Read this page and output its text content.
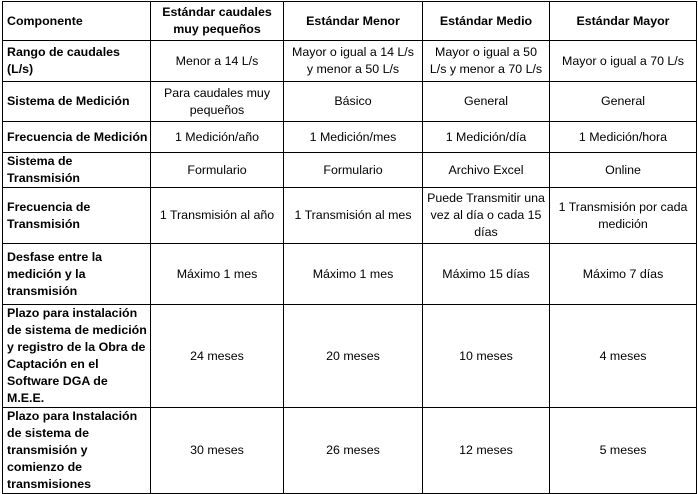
Componente	Estándar caudales muy pequeños	Estándar Menor	Estándar Medio	Estándar Mayor
Rango de caudales (L/s)	Menor a 14 L/s	Mayor o igual a 14 L/s y menor a 50 L/s	Mayor o igual a 50 L/s y menor a 70 L/s	Mayor o igual a 70 L/s
Sistema de Medición	Para caudales muy pequeños	Básico	General	General
Frecuencia de Medición	1 Medición/año	1 Medición/mes	1 Medición/día	1 Medición/hora
Sistema de Transmisión	Formulario	Formulario	Archivo Excel	Online
Frecuencia de Transmisión	1 Transmisión al año	1 Transmisión al mes	Puede Transmitir una vez al día o cada 15 días	1 Transmisión por cada medición
Desfase entre la medición y la transmisión	Máximo 1 mes	Máximo 1 mes	Máximo 15 días	Máximo 7 días
Plazo para instalación de sistema de medición y registro de la Obra de Captación en el Software DGA de M.E.E.	24 meses	20 meses	10 meses	4 meses
Plazo para Instalación de sistema de transmisión y comienzo de transmisiones	30 meses	26 meses	12 meses	5 meses
